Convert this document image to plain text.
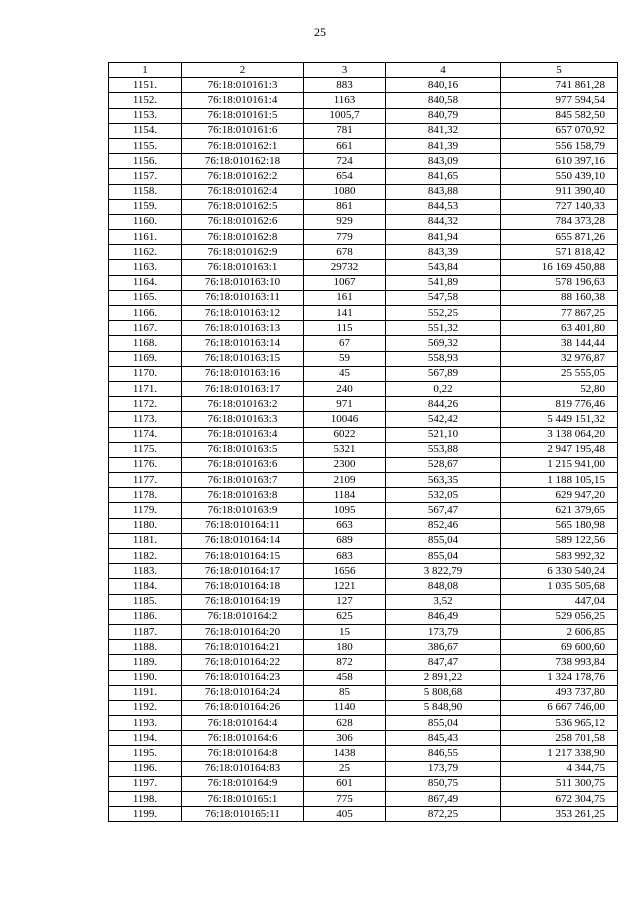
25
1	2	3	4	5
1151.	76:18:010161:3	883	840,16	741 861,28
1152.	76:18:010161:4	1163	840,58	977 594,54
1153.	76:18:010161:5	1005,7	840,79	845 582,50
1154.	76:18:010161:6	781	841,32	657 070,92
1155.	76:18:010162:1	661	841,39	556 158,79
1156.	76:18:010162:18	724	843,09	610 397,16
1157.	76:18:010162:2	654	841,65	550 439,10
1158.	76:18:010162:4	1080	843,88	911 390,40
1159.	76:18:010162:5	861	844,53	727 140,33
1160.	76:18:010162:6	929	844,32	784 373,28
1161.	76:18:010162:8	779	841,94	655 871,26
1162.	76:18:010162:9	678	843,39	571 818,42
1163.	76:18:010163:1	29732	543,84	16 169 450,88
1164.	76:18:010163:10	1067	541,89	578 196,63
1165.	76:18:010163:11	161	547,58	88 160,38
1166.	76:18:010163:12	141	552,25	77 867,25
1167.	76:18:010163:13	115	551,32	63 401,80
1168.	76:18:010163:14	67	569,32	38 144,44
1169.	76:18:010163:15	59	558,93	32 976,87
1170.	76:18:010163:16	45	567,89	25 555,05
1171.	76:18:010163:17	240	0,22	52,80
1172.	76:18:010163:2	971	844,26	819 776,46
1173.	76:18:010163:3	10046	542,42	5 449 151,32
1174.	76:18:010163:4	6022	521,10	3 138 064,20
1175.	76:18:010163:5	5321	553,88	2 947 195,48
1176.	76:18:010163:6	2300	528,67	1 215 941,00
1177.	76:18:010163:7	2109	563,35	1 188 105,15
1178.	76:18:010163:8	1184	532,05	629 947,20
1179.	76:18:010163:9	1095	567,47	621 379,65
1180.	76:18:010164:11	663	852,46	565 180,98
1181.	76:18:010164:14	689	855,04	589 122,56
1182.	76:18:010164:15	683	855,04	583 992,32
1183.	76:18:010164:17	1656	3 822,79	6 330 540,24
1184.	76:18:010164:18	1221	848,08	1 035 505,68
1185.	76:18:010164:19	127	3,52	447,04
1186.	76:18:010164:2	625	846,49	529 056,25
1187.	76:18:010164:20	15	173,79	2 606,85
1188.	76:18:010164:21	180	386,67	69 600,60
1189.	76:18:010164:22	872	847,47	738 993,84
1190.	76:18:010164:23	458	2 891,22	1 324 178,76
1191.	76:18:010164:24	85	5 808,68	493 737,80
1192.	76:18:010164:26	1140	5 848,90	6 667 746,00
1193.	76:18:010164:4	628	855,04	536 965,12
1194.	76:18:010164:6	306	845,43	258 701,58
1195.	76:18:010164:8	1438	846,55	1 217 338,90
1196.	76:18:010164:83	25	173,79	4 344,75
1197.	76:18:010164:9	601	850,75	511 300,75
1198.	76:18:010165:1	775	867,49	672 304,75
1199.	76:18:010165:11	405	872,25	353 261,25
